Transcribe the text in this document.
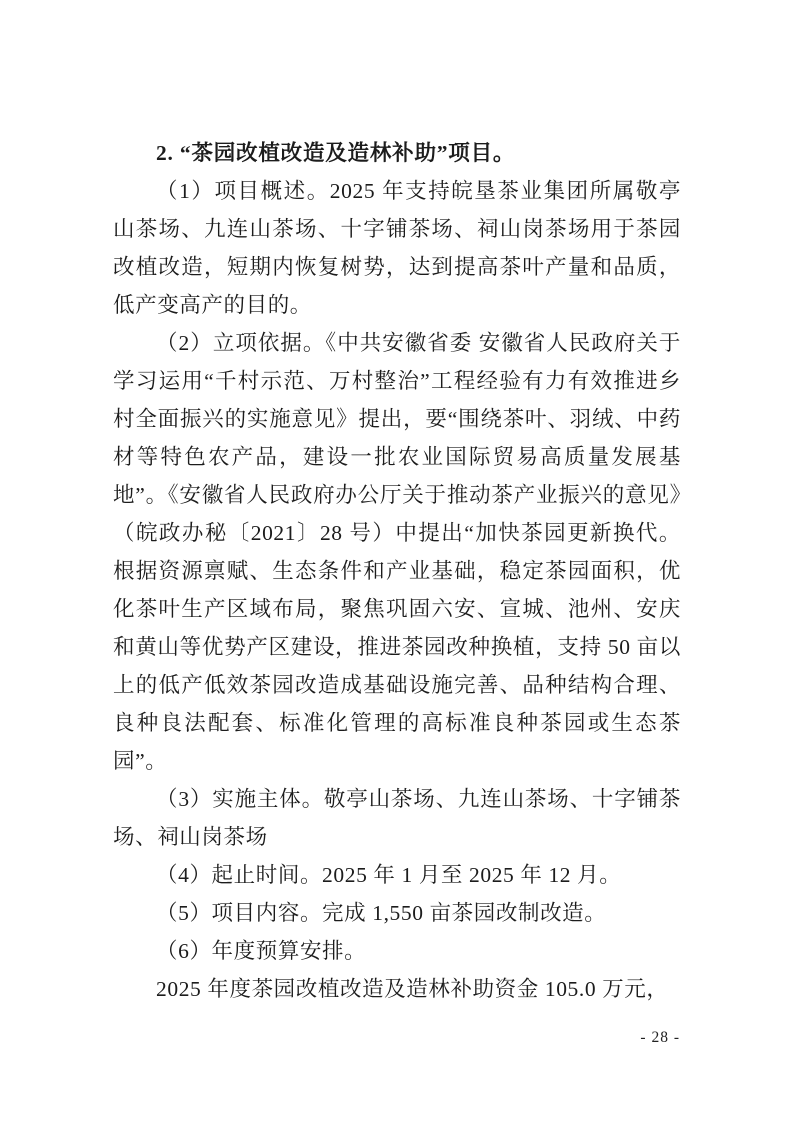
2. “茶园改植改造及造林补助”项目。

（1）项目概述。2025 年支持皖垦茶业集团所属敬亭山茶场、九连山茶场、十字铺茶场、祠山岗茶场用于茶园改植改造，短期内恢复树势，达到提高茶叶产量和品质，低产变高产的目的。

（2）立项依据。《中共安徽省委 安徽省人民政府关于学习运用“千村示范、万村整治”工程经验有力有效推进乡村全面振兴的实施意见》提出，要“围绕茶叶、羽绒、中药材等特色农产品，建设一批农业国际贸易高质量发展基地”。《安徽省人民政府办公厅关于推动茶产业振兴的意见》（皖政办秘〔2021〕28 号）中提出“加快茶园更新换代。根据资源禀赋、生态条件和产业基础，稳定茶园面积，优化茶叶生产区域布局，聚焦巩固六安、宣城、池州、安庆和黄山等优势产区建设，推进茶园改种换植，支持 50 亩以上的低产低效茶园改造成基础设施完善、品种结构合理、良种良法配套、标准化管理的高标准良种茶园或生态茶园”。

（3）实施主体。敬亭山茶场、九连山茶场、十字铺茶场、祠山岗茶场

（4）起止时间。2025 年 1 月至 2025 年 12 月。

（5）项目内容。完成 1,550 亩茶园改制改造。

（6）年度预算安排。

2025 年度茶园改植改造及造林补助资金 105.0 万元，

- 28 -
